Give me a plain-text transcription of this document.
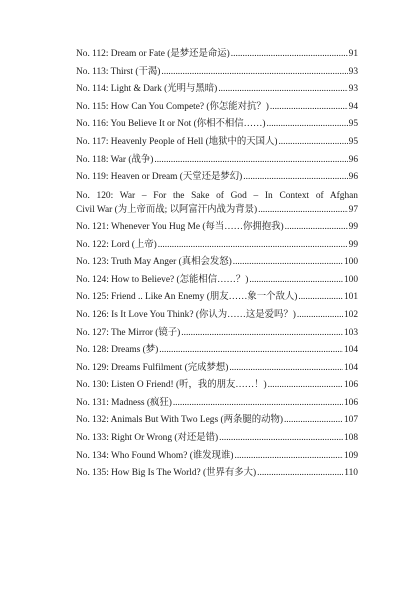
No. 112: Dream or Fate (是梦还是命运) .....	91
No. 113: Thirst (干渴) .....	93
No. 114: Light & Dark (光明与黑暗) .....	93
No. 115: How Can You Compete? (你怎能对抗？) .....	94
No. 116: You Believe It or Not (你相不相信……) .....	95
No. 117: Heavenly People of Hell (地狱中的天国人) .....	95
No. 118: War (战争) .....	96
No. 119: Heaven or Dream (天堂还是梦幻) .....	96
No. 120: War – For the Sake of God – In Context of Afghan
Civil War (为上帝而战; 以阿富汗内战为背景) .....	97
No. 121: Whenever You Hug Me (每当……你拥抱我) .....	99
No. 122: Lord (上帝) .....	99
No. 123: Truth May Anger (真相会发怒) .....	100
No. 124: How to Believe? (怎能相信……？) .....	100
No. 125: Friend .. Like An Enemy (朋友……象一个敌人) .....	101
No. 126: Is It Love You Think? (你认为……这是爱吗？) .....	102
No. 127: The Mirror (镜子) .....	103
No. 128: Dreams (梦) .....	104
No. 129: Dreams Fulfilment (完成梦想) .....	104
No. 130: Listen O Friend! (听，我的朋友……！) .....	106
No. 131: Madness (疯狂) .....	106
No. 132: Animals But With Two Legs (两条腿的动物) .....	107
No. 133: Right Or Wrong (对还是错) .....	108
No. 134: Who Found Whom? (谁发现谁) .....	109
No. 135: How Big Is The World? (世界有多大) .....	110
